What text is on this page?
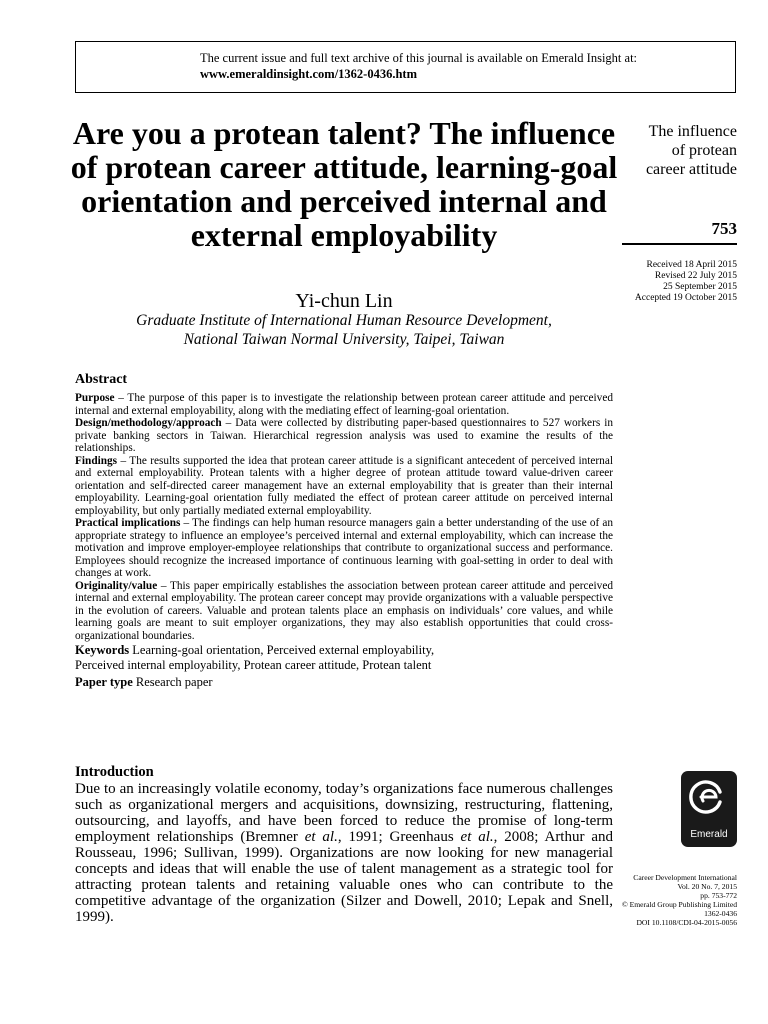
The current issue and full text archive of this journal is available on Emerald Insight at:
www.emeraldinsight.com/1362-0436.htm
Are you a protean talent? The influence of protean career attitude, learning-goal orientation and perceived internal and external employability
Yi-chun Lin
Graduate Institute of International Human Resource Development,
National Taiwan Normal University, Taipei, Taiwan
The influence
of protean
career attitude
753
Received 18 April 2015
Revised 22 July 2015
25 September 2015
Accepted 19 October 2015
Abstract

Purpose – The purpose of this paper is to investigate the relationship between protean career attitude and perceived internal and external employability, along with the mediating effect of learning-goal orientation.

Design/methodology/approach – Data were collected by distributing paper-based questionnaires to 527 workers in private banking sectors in Taiwan. Hierarchical regression analysis was used to examine the results of the relationships.

Findings – The results supported the idea that protean career attitude is a significant antecedent of perceived internal and external employability. Protean talents with a higher degree of protean attitude toward value-driven career orientation and self-directed career management have an external employability that is greater than their internal employability. Learning-goal orientation fully mediated the effect of protean career attitude on perceived internal employability, but only partially mediated external employability.

Practical implications – The findings can help human resource managers gain a better understanding of the use of an appropriate strategy to influence an employee’s perceived internal and external employability, which can increase the motivation and improve employer-employee relationships that contribute to organizational success and performance. Employees should recognize the increased importance of continuous learning with goal-setting in order to deal with changes at work.

Originality/value – This paper empirically establishes the association between protean career attitude and perceived internal and external employability. The protean career concept may provide organizations with a valuable perspective in the evolution of careers. Valuable and protean talents place an emphasis on individuals’ core values, and while learning goals are meant to suit employer organizations, they may also establish opportunities that could cross-organizational boundaries.

Keywords Learning-goal orientation, Perceived external employability,
Perceived internal employability, Protean career attitude, Protean talent
Paper type Research paper
Introduction

Due to an increasingly volatile economy, today’s organizations face numerous challenges such as organizational mergers and acquisitions, downsizing, restructuring, flattening, outsourcing, and layoffs, and have been forced to reduce the promise of long-term employment relationships (Bremner et al., 1991; Greenhaus et al., 2008; Arthur and Rousseau, 1996; Sullivan, 1999). Organizations are now looking for new managerial concepts and ideas that will enable the use of talent management as a strategic tool for attracting protean talents and retaining valuable ones who can contribute to the competitive advantage of the organization (Silzer and Dowell, 2010; Lepak and Snell, 1999).

Emerald
Career Development International
Vol. 20 No. 7, 2015
pp. 753-772
© Emerald Group Publishing Limited
1362-0436
DOI 10.1108/CDI-04-2015-0056
